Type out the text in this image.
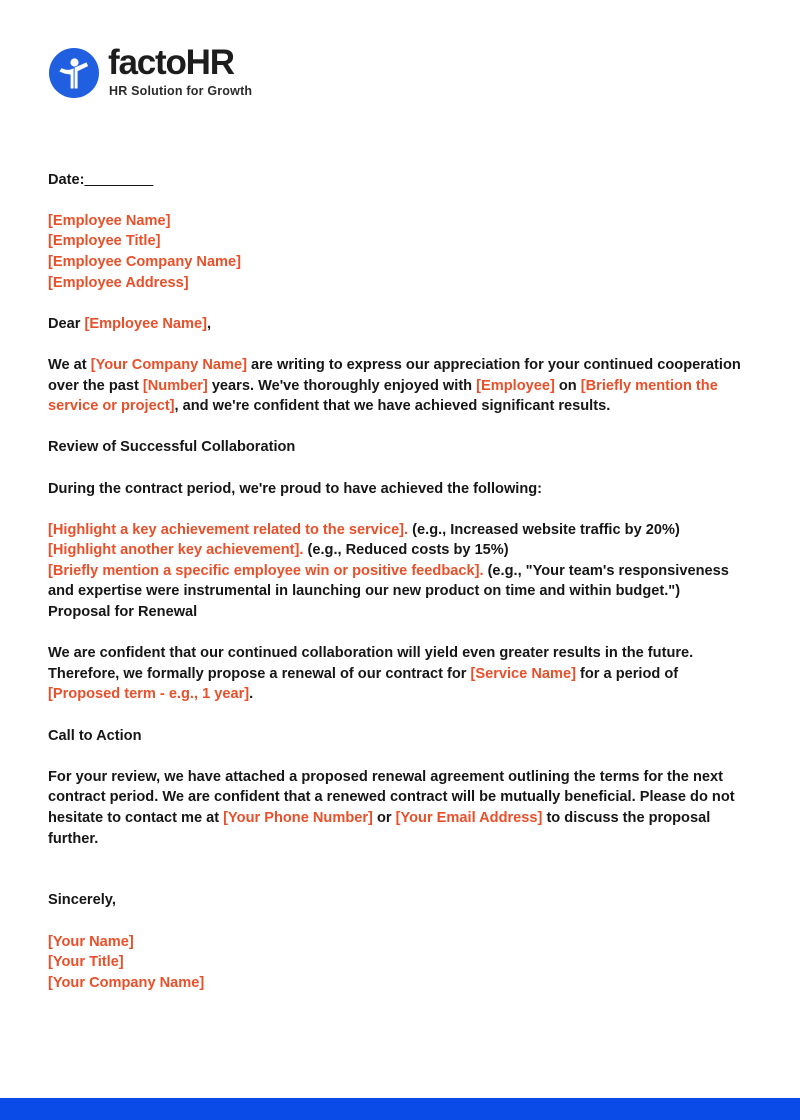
factoHR
HR Solution for Growth

Date:_________

[Employee Name]

[Employee Title]

[Employee Company Name]

[Employee Address]

Dear [Employee Name],

We at [Your Company Name] are writing to express our appreciation for your continued cooperation over the past [Number] years. We've thoroughly enjoyed with [Employee] on [Briefly mention the service or project], and we're confident that we have achieved significant results.

Review of Successful Collaboration

During the contract period, we're proud to have achieved the following:

[Highlight a key achievement related to the service]. (e.g., Increased website traffic by 20%)

[Highlight another key achievement]. (e.g., Reduced costs by 15%)

[Briefly mention a specific employee win or positive feedback]. (e.g., "Your team's responsiveness and expertise were instrumental in launching our new product on time and within budget.")

Proposal for Renewal

We are confident that our continued collaboration will yield even greater results in the future. Therefore, we formally propose a renewal of our contract for [Service Name] for a period of [Proposed term - e.g., 1 year].

Call to Action

For your review, we have attached a proposed renewal agreement outlining the terms for the next contract period. We are confident that a renewed contract will be mutually beneficial. Please do not hesitate to contact me at [Your Phone Number] or [Your Email Address] to discuss the proposal further.

Sincerely,

[Your Name]

[Your Title]

[Your Company Name]
